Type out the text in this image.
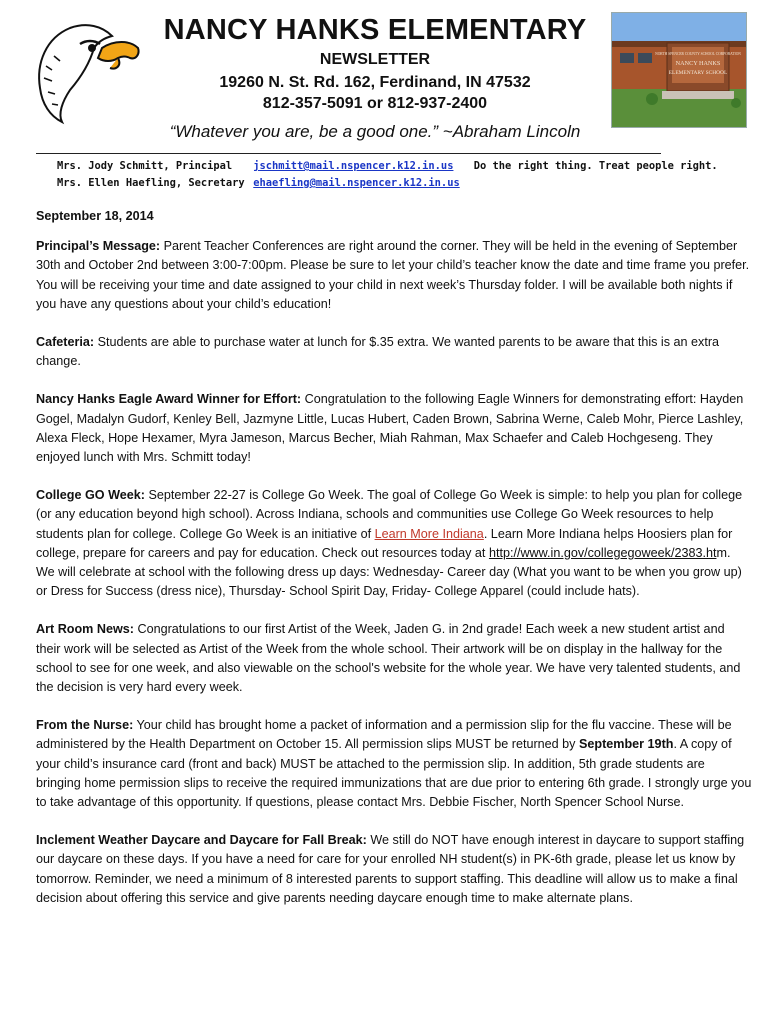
NANCY HANKS ELEMENTARY
NEWSLETTER
19260 N. St. Rd. 162, Ferdinand, IN 47532
812-357-5091 or 812-937-2400
“Whatever you are, be a good one.” ~Abraham Lincoln
NORTH SPENCER COUNTY SCHOOL CORPORATION
NANCY HANKS
ELEMENTARY SCHOOL
Mrs. Jody Schmitt, Principal jschmitt@mail.nspencer.k12.in.us Do the right thing. Treat people right.
Mrs. Ellen Haefling, Secretary ehaefling@mail.nspencer.k12.in.us
September 18, 2014
Principal’s Message: Parent Teacher Conferences are right around the corner. They will be held in the evening of September 30th and October 2nd between 3:00-7:00pm. Please be sure to let your child’s teacher know the date and time frame you prefer. You will be receiving your time and date assigned to your child in next week’s Thursday folder. I will be available both nights if you have any questions about your child’s education!
Cafeteria: Students are able to purchase water at lunch for $.35 extra. We wanted parents to be aware that this is an extra change.
Nancy Hanks Eagle Award Winner for Effort: Congratulation to the following Eagle Winners for demonstrating effort: Hayden Gogel, Madalyn Gudorf, Kenley Bell, Jazmyne Little, Lucas Hubert, Caden Brown, Sabrina Werne, Caleb Mohr, Pierce Lashley, Alexa Fleck, Hope Hexamer, Myra Jameson, Marcus Becher, Miah Rahman, Max Schaefer and Caleb Hochgeseng. They enjoyed lunch with Mrs. Schmitt today!
College GO Week: September 22-27 is College Go Week. The goal of College Go Week is simple: to help you plan for college (or any education beyond high school). Across Indiana, schools and communities use College Go Week resources to help students plan for college. College Go Week is an initiative of Learn More Indiana. Learn More Indiana helps Hoosiers plan for college, prepare for careers and pay for education. Check out resources today at http://www.in.gov/collegegoweek/2383.htm. We will celebrate at school with the following dress up days: Wednesday- Career day (What you want to be when you grow up) or Dress for Success (dress nice), Thursday- School Spirit Day, Friday- College Apparel (could include hats).
Art Room News: Congratulations to our first Artist of the Week, Jaden G. in 2nd grade! Each week a new student artist and their work will be selected as Artist of the Week from the whole school. Their artwork will be on display in the hallway for the school to see for one week, and also viewable on the school's website for the whole year. We have very talented students, and the decision is very hard every week.
From the Nurse: Your child has brought home a packet of information and a permission slip for the flu vaccine. These will be administered by the Health Department on October 15. All permission slips MUST be returned by September 19th. A copy of your child’s insurance card (front and back) MUST be attached to the permission slip. In addition, 5th grade students are bringing home permission slips to receive the required immunizations that are due prior to entering 6th grade. I strongly urge you to take advantage of this opportunity. If questions, please contact Mrs. Debbie Fischer, North Spencer School Nurse.
Inclement Weather Daycare and Daycare for Fall Break: We still do NOT have enough interest in daycare to support staffing our daycare on these days. If you have a need for care for your enrolled NH student(s) in PK-6th grade, please let us know by tomorrow. Reminder, we need a minimum of 8 interested parents to support staffing. This deadline will allow us to make a final decision about offering this service and give parents needing daycare enough time to make alternate plans.
